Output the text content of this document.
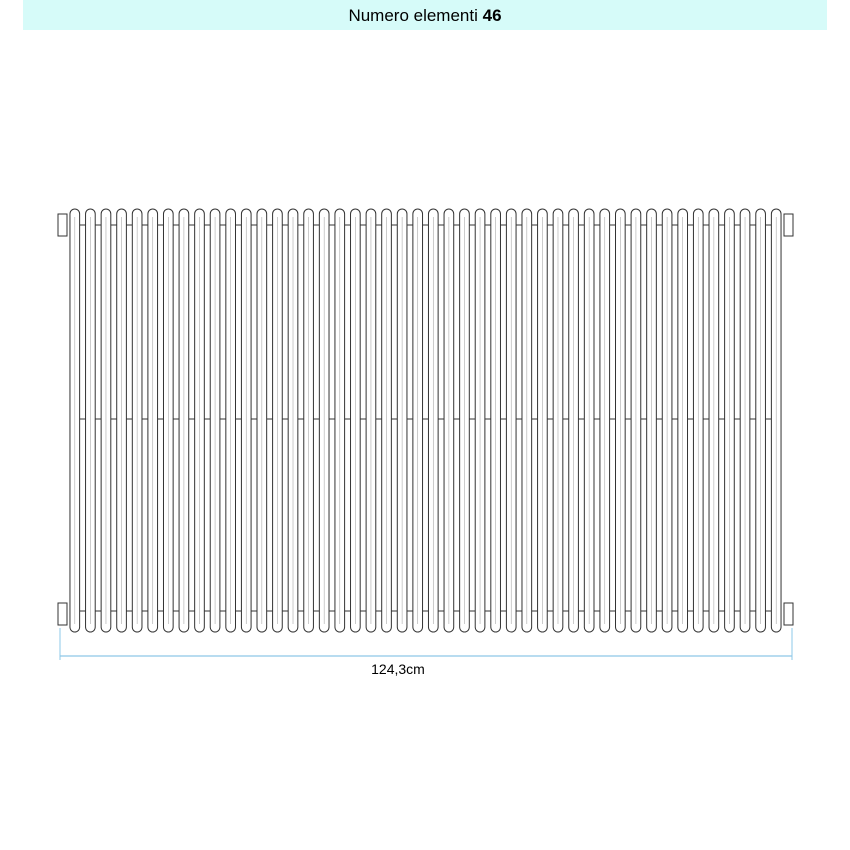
Numero elementi 46
124,3cm
